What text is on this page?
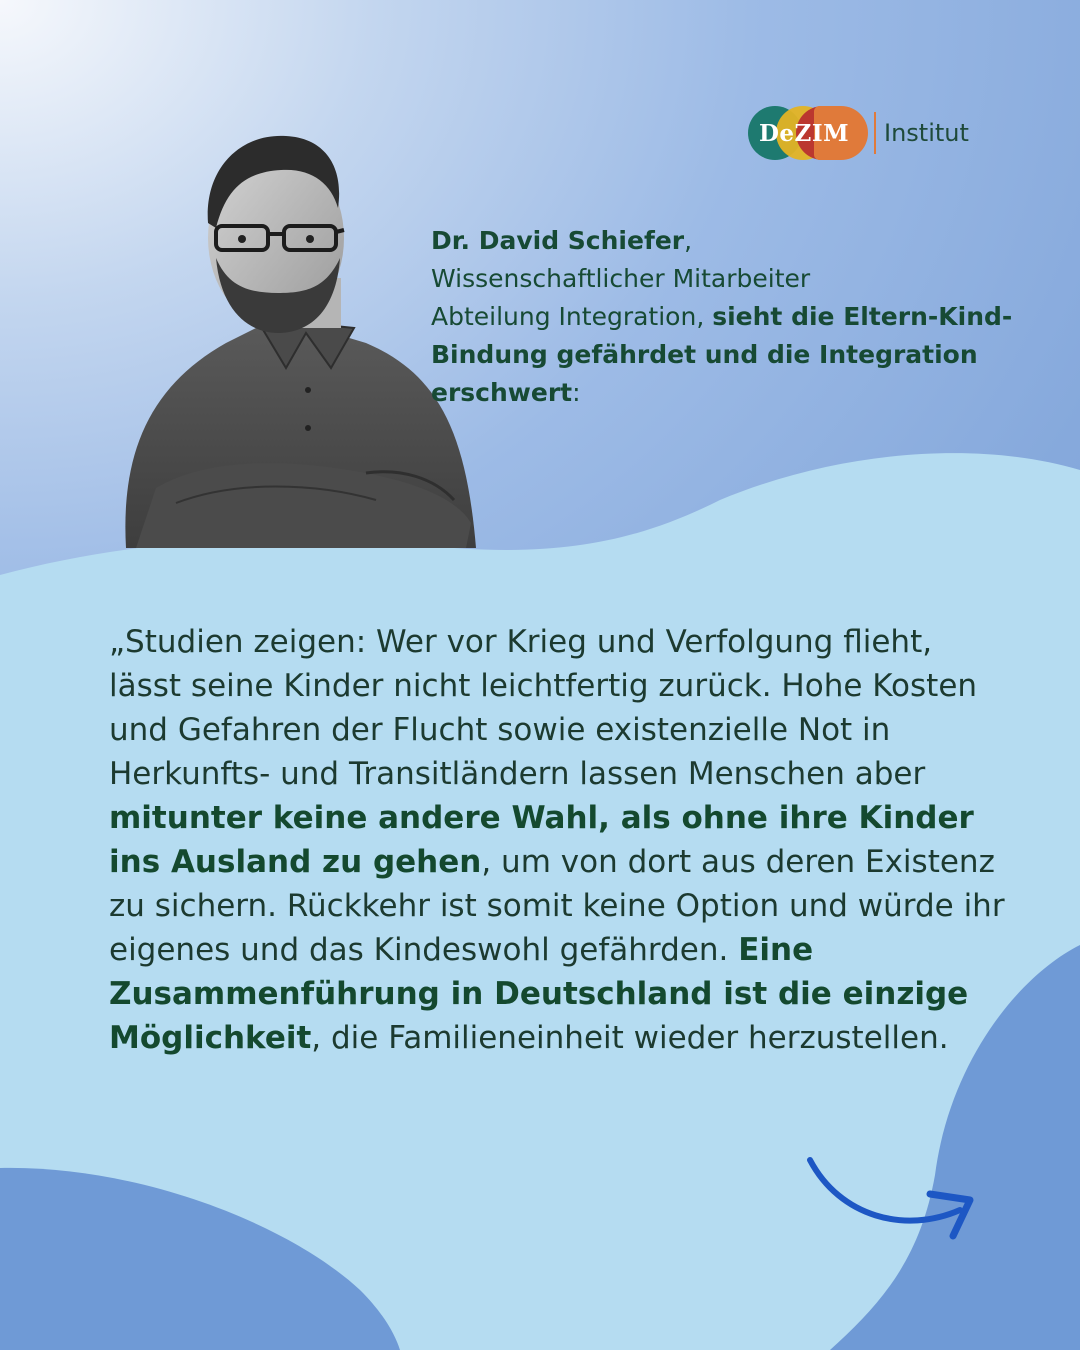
DeZIM	Institut
Dr. David Schiefer,
Wissenschaftlicher Mitarbeiter
Abteilung Integration, sieht die Eltern-Kind-Bindung gefährdet und die Integration erschwert:
„Studien zeigen: Wer vor Krieg und Verfolgung flieht, lässt seine Kinder nicht leichtfertig zurück. Hohe Kosten und Gefahren der Flucht sowie existenzielle Not in Herkunfts- und Transitländern lassen Menschen aber mitunter keine andere Wahl, als ohne ihre Kinder ins Ausland zu gehen, um von dort aus deren Existenz zu sichern. Rückkehr ist somit keine Option und würde ihr eigenes und das Kindeswohl gefährden. Eine Zusammenführung in Deutschland ist die einzige Möglichkeit, die Familieneinheit wieder herzustellen.
